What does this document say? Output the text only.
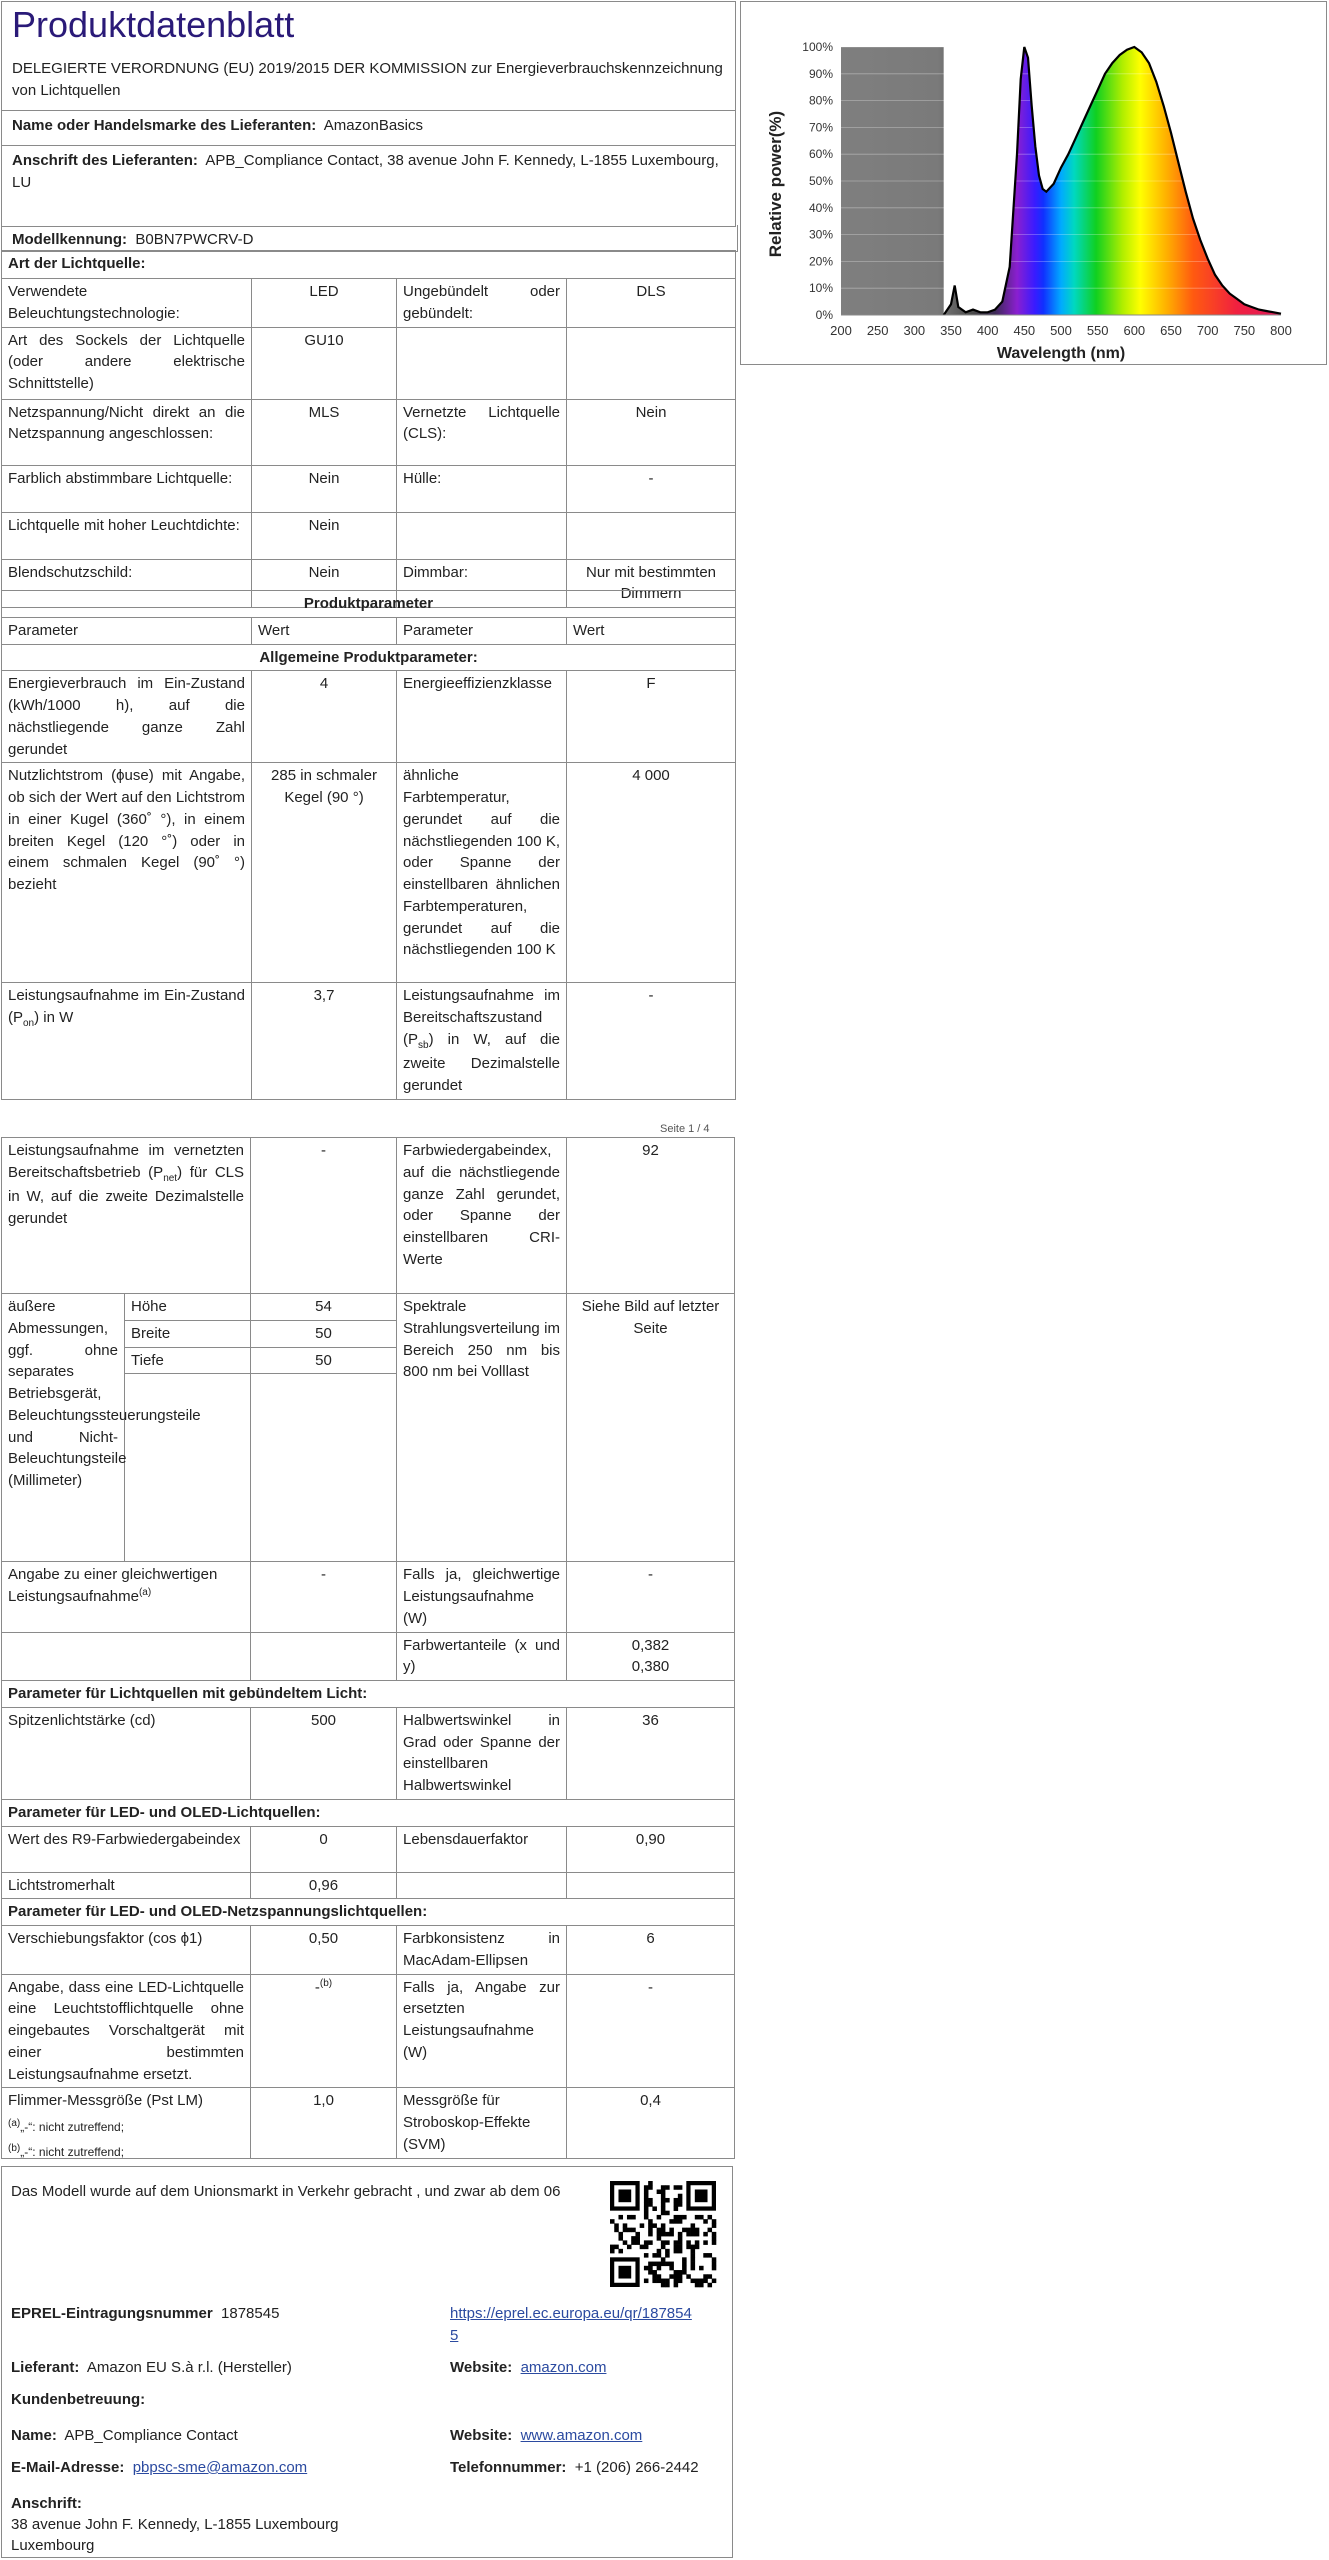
Produktdatenblatt
DELEGIERTE VERORDNUNG (EU) 2019/2015 DER KOMMISSION zur Energieverbrauchskennzeichnung von Lichtquellen
Name oder Handelsmarke des Lieferanten: AmazonBasics
Anschrift des Lieferanten: APB_Compliance Contact, 38 avenue John F. Kennedy, L-1855 Luxembourg, LU
Modellkennung: B0BN7PWCRV-D
Art der Lichtquelle:			
Verwendete Beleuchtungstechnologie:	LED	Ungebündelt oder gebündelt:	DLS
Art des Sockels der Lichtquelle (oder andere elektrische Schnittstelle)	GU10		
Netzspannung/Nicht direkt an die Netzspannung angeschlossen:	MLS	Vernetzte Lichtquelle (CLS):	Nein
Farblich abstimmbare Lichtquelle:	Nein	Hülle:	-
Lichtquelle mit hoher Leuchtdichte:	Nein		
Blendschutzschild:	Nein	Dimmbar:	Nur mit bestimmten Dimmern
Produktparameter			
Parameter	Wert	Parameter	Wert
Allgemeine Produktparameter:			
Energieverbrauch im Ein-Zustand (kWh/1000 h), auf die nächstliegende ganze Zahl gerundet	4	Energieeffizienzklasse	F
Nutzlichtstrom (ϕuse) mit Angabe, ob sich der Wert auf den Lichtstrom in einer Kugel (360˚ °), in einem breiten Kegel (120 °˚) oder in einem schmalen Kegel (90˚ °) bezieht	285 in schmaler Kegel (90 °)	ähnliche Farbtemperatur, gerundet auf die nächstliegenden 100 K, oder Spanne der einstellbaren ähnlichen Farbtemperaturen, gerundet auf die nächstliegenden 100 K	4 000
Leistungsaufnahme im Ein-Zustand $(P_{on})$ in W	3,7	Leistungsaufnahme im Bereitschaftszustand $(P_{sb})$ in W, auf die zweite Dezimalstelle gerundet	-
Seite 1 / 4
0%
10%
20%
30%
40%
50%
60%
70%
80%
90%
100%
200 250 300 350 400 450 500 550 600 650 700 750 800
Relative power(%)
Wavelength (nm)
Leistungsaufnahme im vernetzten Bereitschaftsbetrieb $(P_{net})$ für CLS in W, auf die zweite Dezimalstelle gerundet		-	Farbwiedergabeindex, auf die nächstliegende ganze Zahl gerundet, oder Spanne der einstellbaren CRI-Werte	92
äußere Abmessungen, ggf. ohne separates Betriebsgerät, Beleuchtungssteuerungsteile und Nicht-Beleuchtungsteile (Millimeter)	Höhe	54	Spektrale Strahlungsverteilung im Bereich 250 nm bis 800 nm bei Volllast	Siehe Bild auf letzter Seite
	Breite	50		
	Tiefe	50		

Angabe zu einer gleichwertigen Leistungsaufnahme$^{(a)}$		-	Falls ja, gleichwertige Leistungsaufnahme (W)	-
			Farbwertanteile (x und y)	0,382
0,380

Parameter für Lichtquellen mit gebündeltem Licht:				
Spitzenlichtstärke (cd)		500	Halbwertswinkel in Grad oder Spanne der einstellbaren Halbwertswinkel	36
Parameter für LED- und OLED-Lichtquellen:				
Wert des R9-Farbwiedergabeindex		0	Lebensdauerfaktor	0,90
Lichtstromerhalt		0,96		
Parameter für LED- und OLED-Netzspannungslichtquellen:				
Verschiebungsfaktor (cos ϕ1)		0,50	Farbkonsistenz in MacAdam-Ellipsen	6
Angabe, dass eine LED-Lichtquelle eine Leuchtstofflichtquelle ohne eingebautes Vorschaltgerät mit einer bestimmten Leistungsaufnahme ersetzt.		-$^{(b)}$	Falls ja, Angabe zur ersetzten Leistungsaufnahme (W)	-
Flimmer-Messgröße (Pst LM)		1,0	Messgröße für Stroboskop-Effekte (SVM)	0,4
$^{(a)}$„-“: nicht zutreffend;
$^{(b)}$„-“: nicht zutreffend;
Das Modell wurde auf dem Unionsmarkt in Verkehr gebracht , und zwar ab dem 06
EPREL-Eintragungsnummer 1878545	https://eprel.ec.europa.eu/qr/1878545
Lieferant: Amazon EU S.à r.l. (Hersteller)	Website: amazon.com
Kundenbetreuung:
Name: APB_Compliance Contact	Website: www.amazon.com
E-Mail-Adresse: pbpsc-sme@amazon.com	Telefonnummer: +1 (206) 266-2442
Anschrift:
38 avenue John F. Kennedy, L-1855 Luxembourg
Luxembourg
